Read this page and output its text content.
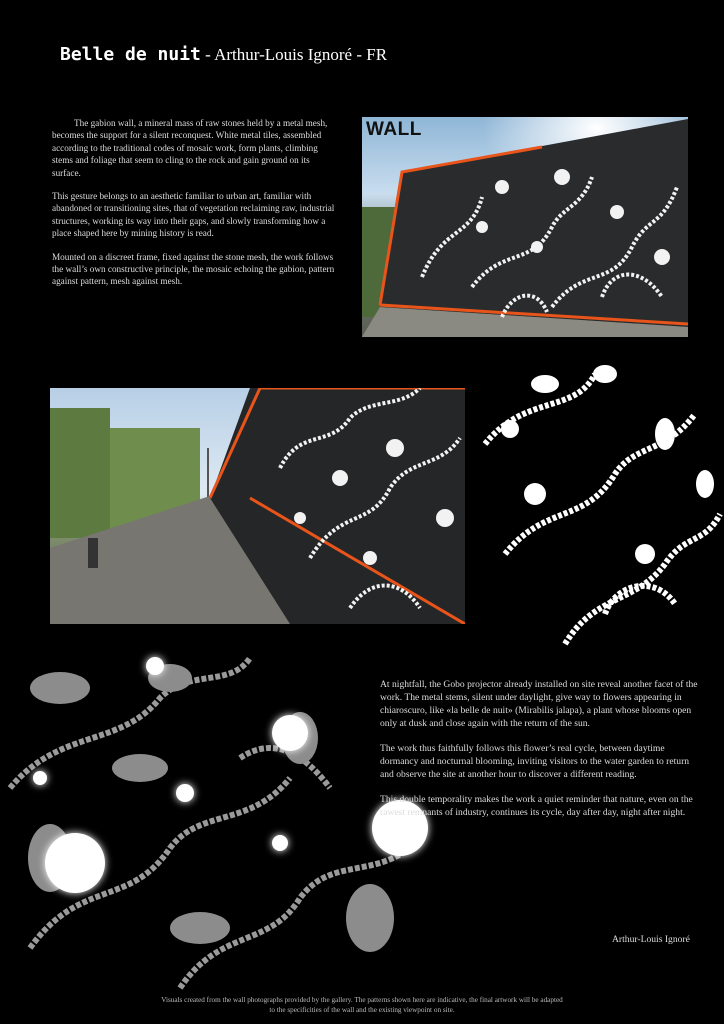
Belle de nuit - Arthur-Louis Ignoré - FR

The gabion wall, a mineral mass of raw stones held by a metal mesh, becomes the support for a silent reconquest. White metal tiles, assembled according to the traditional codes of mosaic work, form plants, climbing stems and foliage that seem to cling to the rock and gain ground on its surface.

This gesture belongs to an aesthetic familiar to urban art, familiar with abandoned or transitioning sites, that of vegetation reclaiming raw, industrial structures, working its way into their gaps, and slowly transforming how a place shaped here by mining history is read.

Mounted on a discreet frame, fixed against the stone mesh, the work follows the wall’s own constructive principle, the mosaic echoing the gabion, pattern against pattern, mesh against mesh.

WALL

At nightfall, the Gobo projector already installed on site reveal another facet of the work. The metal stems, silent under daylight, give way to flowers appearing in chiaroscuro, like «la belle de nuit» (Mirabilis jalapa), a plant whose blooms open only at dusk and close again with the return of the sun.

The work thus faithfully follows this flower’s real cycle, between daytime dormancy and nocturnal blooming, inviting visitors to the water garden to return and observe the site at another hour to discover a different reading.

This double temporality makes the work a quiet reminder that nature, even on the rawest remnants of industry, continues its cycle, day after day, night after night.

Arthur-Louis Ignoré
Visuals created from the wall photographs provided by the gallery. The patterns shown here are indicative, the final artwork will be adapted to the specificities of the wall and the existing viewpoint on site.
